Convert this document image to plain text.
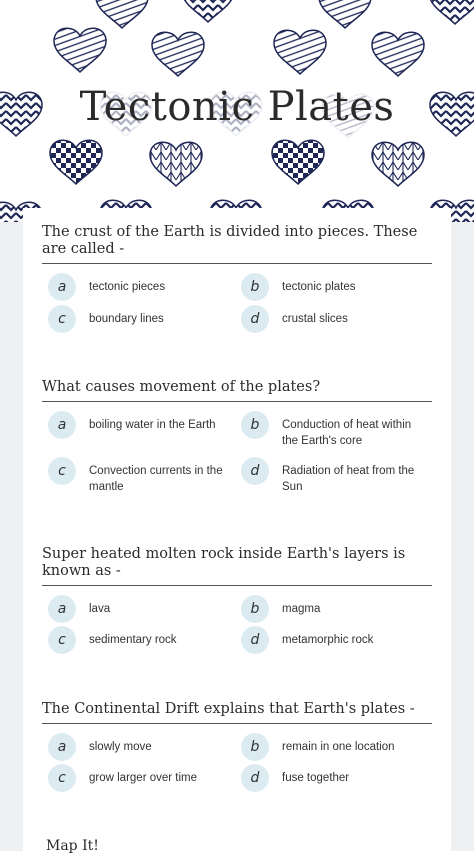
Tectonic Plates
The crust of the Earth is divided into pieces. These are called -
a	tectonic pieces	b	tectonic plates
c	boundary lines	d	crustal slices
What causes movement of the plates?
a	boiling water in the Earth	b	Conduction of heat within the Earth's core
c	Convection currents in the mantle
d	Radiation of heat from the Sun
Super heated molten rock inside Earth's layers is known as -
a	lava	b	magma
c	sedimentary rock	d	metamorphic rock
The Continental Drift explains that Earth's plates -
a	slowly move	b	remain in one location
c	grow larger over time	d	fuse together
Map It!
